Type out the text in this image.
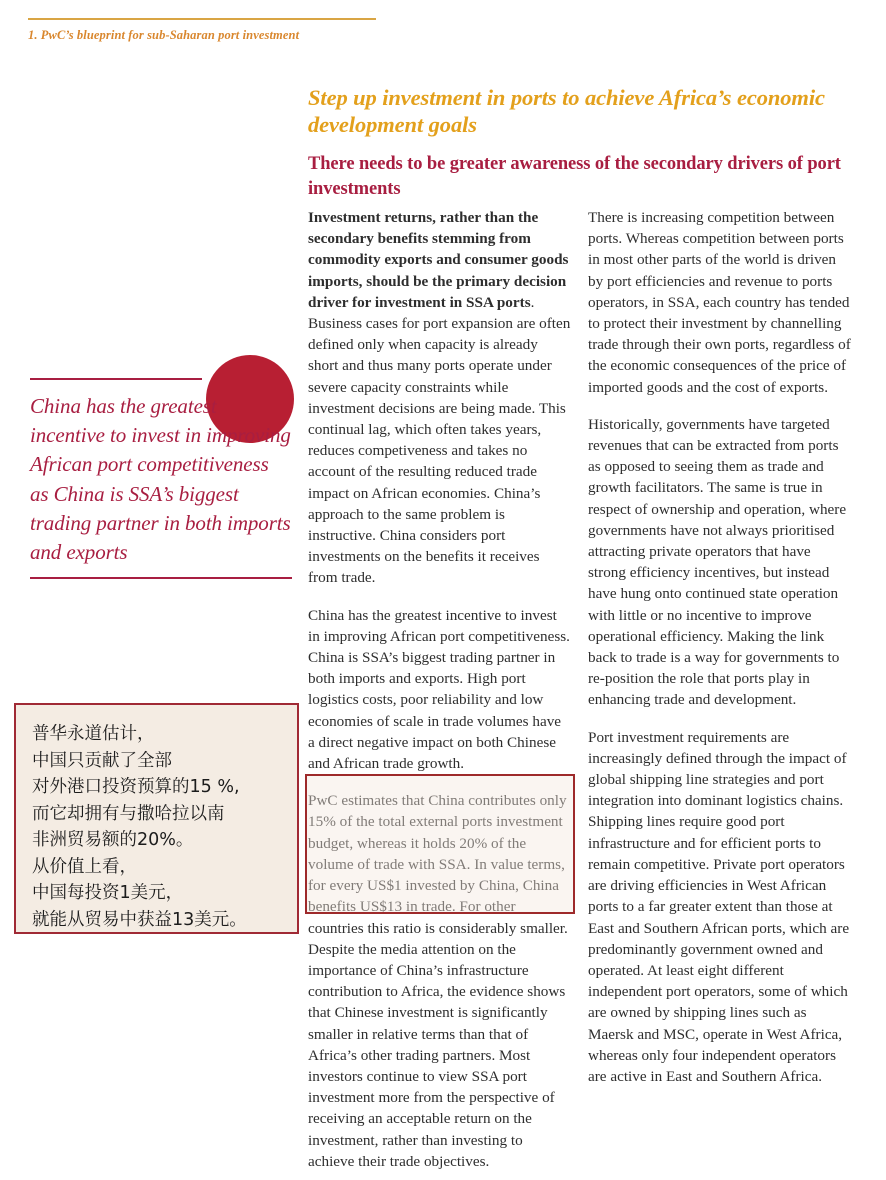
1. PwC’s blueprint for sub-Saharan port investment
Step up investment in ports to achieve Africa’s economic development goals
There needs to be greater awareness of the secondary drivers of port investments
China has the greatest incentive to invest in improving African port competitiveness as China is SSA’s biggest trading partner in both imports and exports
普华永道估计，
中国只贡献了全部
对外港口投资预算的15 %,
而它却拥有与撒哈拉以南
非洲贸易额的20%。
从价值上看，
中国每投资1美元，
就能从贸易中获益13美元。

Investment returns, rather than the secondary benefits stemming from commodity exports and consumer goods imports, should be the primary decision driver for investment in SSA ports. Business cases for port expansion are often defined only when capacity is already short and thus many ports operate under severe capacity constraints while investment decisions are being made. This continual lag, which often takes years, reduces competiveness and takes no account of the resulting reduced trade impact on African economies. China’s approach to the same problem is instructive. China considers port investments on the benefits it receives from trade.

China has the greatest incentive to invest in improving African port competitiveness. China is SSA’s biggest trading partner in both imports and exports. High port logistics costs, poor reliability and low economies of scale in trade volumes have a direct negative impact on both Chinese and African trade growth.

PwC estimates that China contributes only 15% of the total external ports investment budget, whereas it holds 20% of the volume of trade with SSA. In value terms, for every US$1 invested by China, China benefits US$13 in trade. For other countries this ratio is considerably smaller. Despite the media attention on the importance of China’s infrastructure contribution to Africa, the evidence shows that Chinese investment is significantly smaller in relative terms than that of Africa’s other trading partners. Most investors continue to view SSA port investment more from the perspective of receiving an acceptable return on the investment, rather than investing to achieve their trade objectives.

There is increasing competition between ports. Whereas competition between ports in most other parts of the world is driven by port efficiencies and revenue to ports operators, in SSA, each country has tended to protect their investment by channelling trade through their own ports, regardless of the economic consequences of the price of imported goods and the cost of exports.

Historically, governments have targeted revenues that can be extracted from ports as opposed to seeing them as trade and growth facilitators. The same is true in respect of ownership and operation, where governments have not always prioritised attracting private operators that have strong efficiency incentives, but instead have hung onto continued state operation with little or no incentive to improve operational efficiency. Making the link back to trade is a way for governments to re-position the role that ports play in enhancing trade and development.

Port investment requirements are increasingly defined through the impact of global shipping line strategies and port integration into dominant logistics chains. Shipping lines require good port infrastructure and for efficient ports to remain competitive. Private port operators are driving efficiencies in West African ports to a far greater extent than those at East and Southern African ports, which are predominantly government owned and operated. At least eight different independent port operators, some of which are owned by shipping lines such as Maersk and MSC, operate in West Africa, whereas only four independent operators are active in East and Southern Africa.
